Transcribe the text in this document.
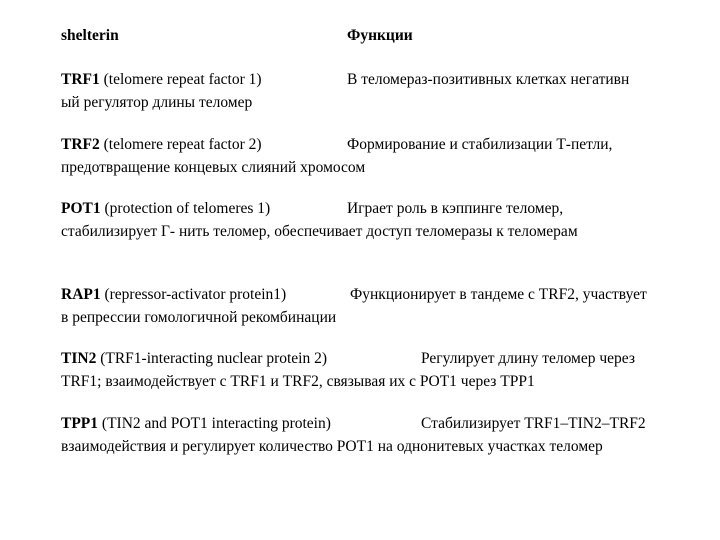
shelterin	Функции
TRF1 (telomere repeat factor 1)	В теломераз-позитивных клетках негативн
ый регулятор длины теломер
TRF2 (telomere repeat factor 2)	Формирование и стабилизации Т-петли,
предотвращение концевых слияний хромосом
POT1 (protection of telomeres 1)	Играет роль в кэппинге теломер,
стабилизирует Г- нить теломер, обеспечивает доступ теломеразы к теломерам
RAP1 (repressor-activator protein1)	Функционирует в тандеме с TRF2, участвует
в репрессии гомологичной рекомбинации
TIN2 (TRF1-interacting nuclear protein 2)	Регулирует длину теломер через
TRF1; взаимодействует с TRF1 и TRF2, связывая их с POT1 через TPP1
TPP1 (TIN2 and POT1 interacting protein)	Стабилизирует TRF1–TIN2–TRF2
взаимодействия и регулирует количество POT1 на однонитевых участках теломер
